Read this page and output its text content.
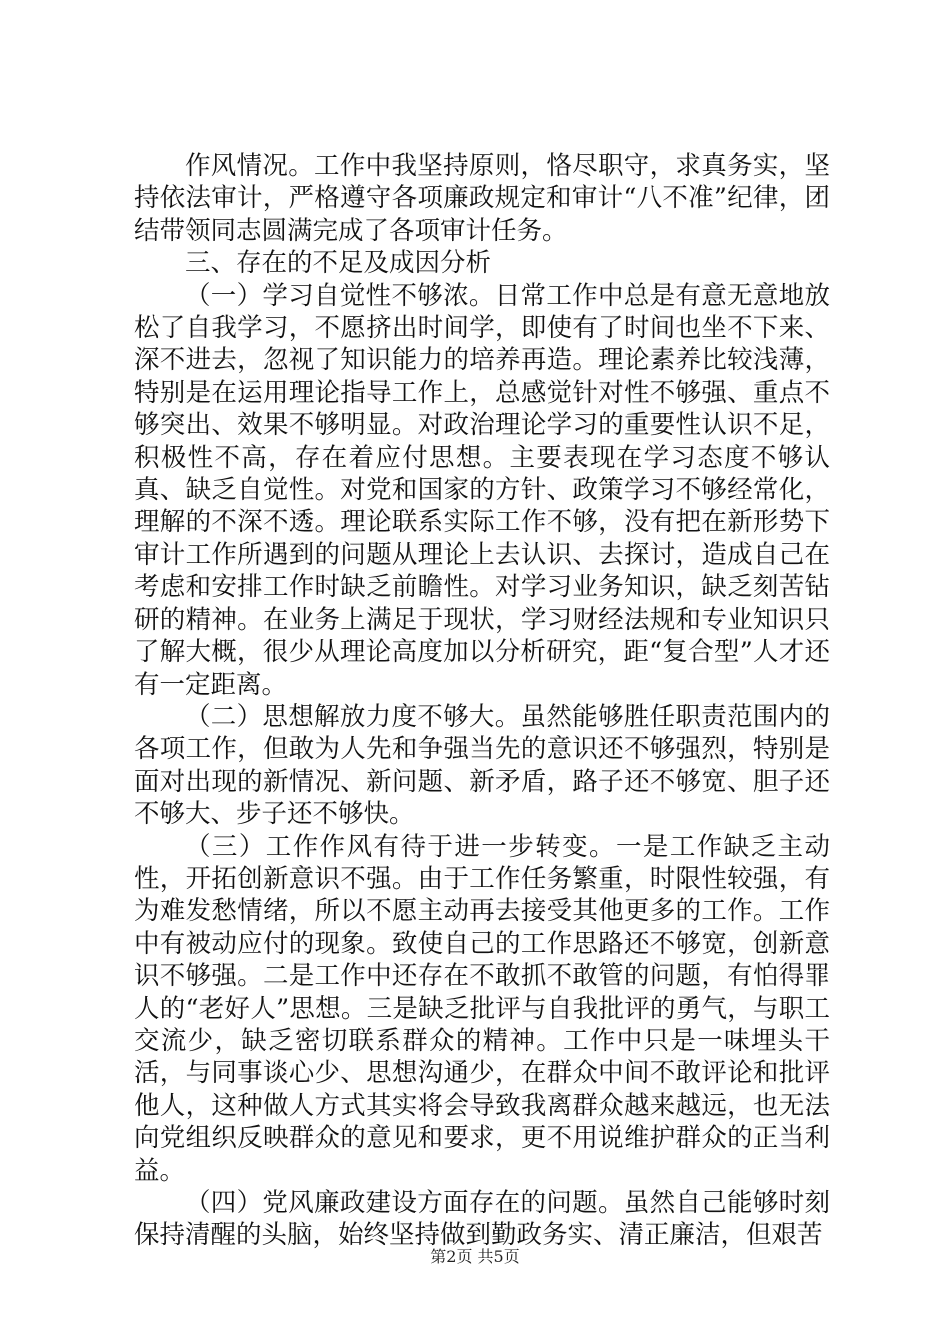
作风情况。工作中我坚持原则，恪尽职守，求真务实，坚持依法审计，严格遵守各项廉政规定和审计“八不准”纪律，团结带领同志圆满完成了各项审计任务。

三、存在的不足及成因分析

（一）学习自觉性不够浓。日常工作中总是有意无意地放松了自我学习，不愿挤出时间学，即使有了时间也坐不下来、深不进去，忽视了知识能力的培养再造。理论素养比较浅薄，特别是在运用理论指导工作上，总感觉针对性不够强、重点不够突出、效果不够明显。对政治理论学习的重要性认识不足，积极性不高，存在着应付思想。主要表现在学习态度不够认真、缺乏自觉性。对党和国家的方针、政策学习不够经常化，理解的不深不透。理论联系实际工作不够，没有把在新形势下审计工作所遇到的问题从理论上去认识、去探讨，造成自己在考虑和安排工作时缺乏前瞻性。对学习业务知识，缺乏刻苦钻研的精神。在业务上满足于现状，学习财经法规和专业知识只了解大概，很少从理论高度加以分析研究，距“复合型”人才还有一定距离。

（二）思想解放力度不够大。虽然能够胜任职责范围内的各项工作，但敢为人先和争强当先的意识还不够强烈，特别是面对出现的新情况、新问题、新矛盾，路子还不够宽、胆子还不够大、步子还不够快。

（三）工作作风有待于进一步转变。一是工作缺乏主动性，开拓创新意识不强。由于工作任务繁重，时限性较强，有为难发愁情绪，所以不愿主动再去接受其他更多的工作。工作中有被动应付的现象。致使自己的工作思路还不够宽，创新意识不够强。二是工作中还存在不敢抓不敢管的问题，有怕得罪人的“老好人”思想。三是缺乏批评与自我批评的勇气，与职工交流少，缺乏密切联系群众的精神。工作中只是一味埋头干活，与同事谈心少、思想沟通少，在群众中间不敢评论和批评他人，这种做人方式其实将会导致我离群众越来越远，也无法向党组织反映群众的意见和要求，更不用说维护群众的正当利益。

（四）党风廉政建设方面存在的问题。虽然自己能够时刻保持清醒的头脑，始终坚持做到勤政务实、清正廉洁，但艰苦

第2页 共5页
